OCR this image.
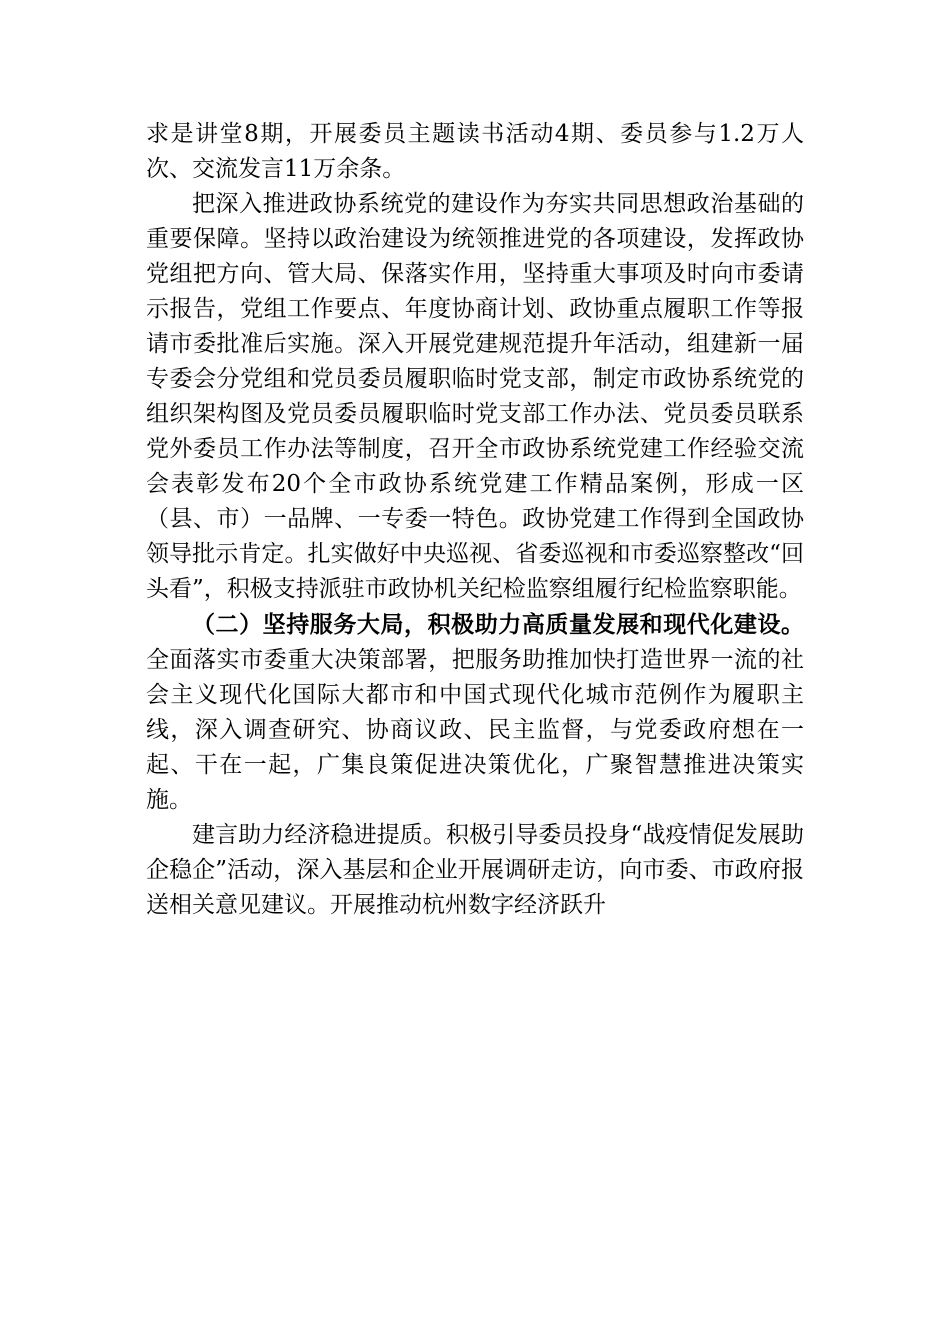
求是讲堂8期，开展委员主题读书活动4期、委员参与1.2万人次、交流发言11万余条。

把深入推进政协系统党的建设作为夯实共同思想政治基础的重要保障。坚持以政治建设为统领推进党的各项建设，发挥政协党组把方向、管大局、保落实作用，坚持重大事项及时向市委请示报告，党组工作要点、年度协商计划、政协重点履职工作等报请市委批准后实施。深入开展党建规范提升年活动，组建新一届专委会分党组和党员委员履职临时党支部，制定市政协系统党的组织架构图及党员委员履职临时党支部工作办法、党员委员联系党外委员工作办法等制度，召开全市政协系统党建工作经验交流会表彰发布20个全市政协系统党建工作精品案例，形成一区（县、市）一品牌、一专委一特色。政协党建工作得到全国政协领导批示肯定。扎实做好中央巡视、省委巡视和市委巡察整改“回头看”，积极支持派驻市政协机关纪检监察组履行纪检监察职能。

（二）坚持服务大局，积极助力高质量发展和现代化建设。全面落实市委重大决策部署，把服务助推加快打造世界一流的社会主义现代化国际大都市和中国式现代化城市范例作为履职主线，深入调查研究、协商议政、民主监督，与党委政府想在一起、干在一起，广集良策促进决策优化，广聚智慧推进决策实施。

建言助力经济稳进提质。积极引导委员投身“战疫情促发展助企稳企”活动，深入基层和企业开展调研走访，向市委、市政府报送相关意见建议。开展推动杭州数字经济跃升
